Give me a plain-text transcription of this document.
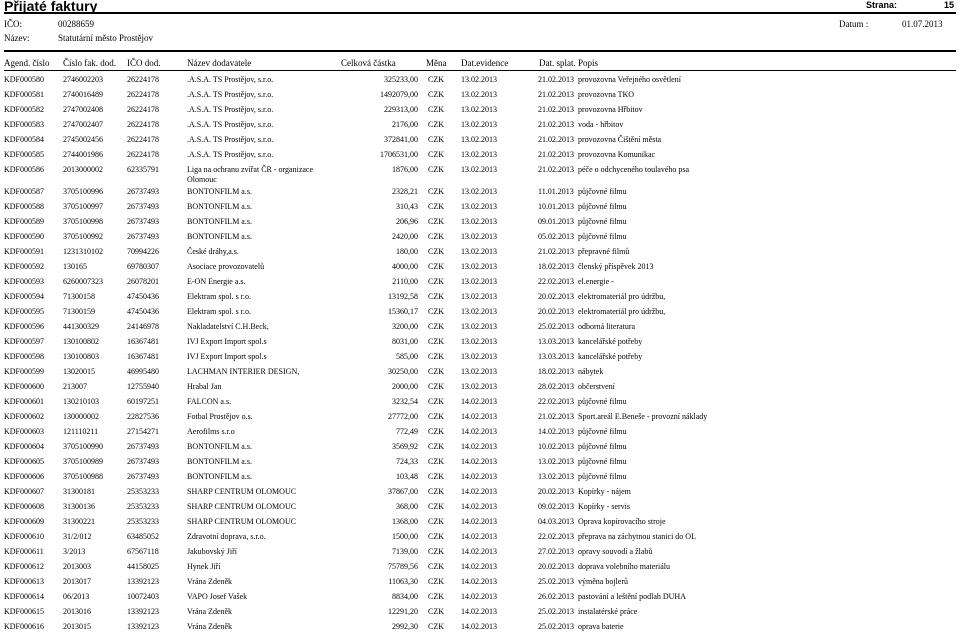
Přijaté faktury
IČO:	00288659
Název:	Statutární město Prostějov
Strana:	15
Datum :	01.07.2013
Agend. číslo Číslo fak. dod. IČO dod.	Název dodavatele	Celková částka	Měna Dat.evidence	Dat. splat. Popis
KDF000580 2746002203	26224178	.A.S.A. TS Prostějov, s.r.o.	325233,00 CZK 13.02.2013	21.02.2013 provozovna Veřejného osvětlení
KDF000581 2740016489	26224178	.A.S.A. TS Prostějov, s.r.o.	1492079,00 CZK 13.02.2013	21.02.2013 provozovna TKO
KDF000582 2747002408	26224178	.A.S.A. TS Prostějov, s.r.o.	229313,00 CZK 13.02.2013	21.02.2013 provozovna Hřbitov
KDF000583 2747002407	26224178	.A.S.A. TS Prostějov, s.r.o.	2176,00 CZK 13.02.2013	21.02.2013 voda - hřbitov
KDF000584 2745002456	26224178	.A.S.A. TS Prostějov, s.r.o.	372841,00 CZK 13.02.2013	21.02.2013 provozovna Čištění města
KDF000585 2744001986	26224178	.A.S.A. TS Prostějov, s.r.o.	1706531,00 CZK 13.02.2013	21.02.2013 provozovna Komunikac
KDF000586 2013000002	62335791	Liga na ochranu zvířat ČR - organizace	1876,00 CZK 13.02.2013	21.02.2013 péče o odchyceného toulavého psa
Olomouc
KDF000587 3705100996	26737493	BONTONFILM a.s.	2328,21 CZK 13.02.2013	11.01.2013 půjčovné filmu
KDF000588 3705100997	26737493	BONTONFILM a.s.	310,43 CZK 13.02.2013	10.01.2013 půjčovné filmu
KDF000589 3705100998	26737493	BONTONFILM a.s.	206,96 CZK 13.02.2013	09.01.2013 půjčovné filmu
KDF000590 3705100992	26737493	BONTONFILM a.s.	2420,00 CZK 13.02.2013	05.02.2013 půjčovné filmu
KDF000591 1231310102	70994226	České dráhy,a.s.	180,00 CZK 13.02.2013	21.02.2013 přepravné filmů
KDF000592 130165	69780307	Asociace provozovatelů	4000,00 CZK 13.02.2013	18.02.2013 členský příspěvek 2013
KDF000593 6260007323	26078201	E-ON Energie a.s.	2110,00 CZK 13.02.2013	22.02.2013 el.energie -
KDF000594 71300158	47450436	Elektram spol. s r.o.	13192,58 CZK 13.02.2013	20.02.2013 elektromateriál pro údržbu,
KDF000595 71300159	47450436	Elektram spol. s r.o.	15360,17 CZK 13.02.2013	20.02.2013 elektromateriál pro údržbu,
KDF000596 441300329	24146978	Nakladatelství C.H.Beck,	3200,00 CZK 13.02.2013	25.02.2013 odborná literatura
KDF000597 130100802	16367481	IVJ Export Import spol.s	8031,00 CZK 13.02.2013	13.03.2013 kancelářské potřeby
KDF000598 130100803	16367481	IVJ Export Import spol.s	585,00 CZK 13.02.2013	13.03.2013 kancelářské potřeby
KDF000599 13020015	46995480	LACHMAN INTERIER DESIGN,	30250,00 CZK 13.02.2013	18.02.2013 nábytek
KDF000600 213007	12755940	Hrabal Jan	2000,00 CZK 13.02.2013	28.02.2013 občerstvení
KDF000601 130210103	60197251	FALCON a.s.	3232,54 CZK 14.02.2013	22.02.2013 půjčovné filmu
KDF000602 130000002	22827536	Fotbal Prostějov o.s.	27772,00 CZK 14.02.2013	21.02.2013 Sport.areál E.Beneše - provozní náklady
KDF000603 121110211	27154271	Aerofilms s.r.o	772,49 CZK 14.02.2013	14.02.2013 půjčovné filmu
KDF000604 3705100990	26737493	BONTONFILM a.s.	3569,92 CZK 14.02.2013	10.02.2013 půjčovné filmu
KDF000605 3705100989	26737493	BONTONFILM a.s.	724,33 CZK 14.02.2013	13.02.2013 půjčovné filmu
KDF000606 3705100988	26737493	BONTONFILM a.s.	103,48 CZK 14.02.2013	13.02.2013 půjčovné filmu
KDF000607 31300181	25353233	SHARP CENTRUM OLOMOUC	37867,00 CZK 14.02.2013	20.02.2013 Kopírky - nájem
KDF000608 31300136	25353233	SHARP CENTRUM OLOMOUC	368,00 CZK 14.02.2013	09.02.2013 Kopírky - servis
KDF000609 31300221	25353233	SHARP CENTRUM OLOMOUC	1368,00 CZK 14.02.2013	04.03.2013 Oprava kopírovacího stroje
KDF000610 31/2/012	63485052	Zdravotní doprava, s.r.o.	1500,00 CZK 14.02.2013	22.02.2013 přeprava na záchytnou stanici do OL
KDF000611 3/2013	67567118	Jakubovský Jiří	7139,00 CZK 14.02.2013	27.02.2013 opravy souvodí a žlabů
KDF000612 2013003	44158025	Hynek Jiří	75789,56 CZK 14.02.2013	20.02.2013 doprava volebního materiálu
KDF000613 2013017	13392123	Vrána Zdeněk	11063,30 CZK 14.02.2013	25.02.2013 výměna bojlerů
KDF000614 06/2013	10072403	VAPO Josef Vašek	8834,00 CZK 14.02.2013	26.02.2013 pastování a leštění podlah DUHA
KDF000615 2013016	13392123	Vrána Zdeněk	12291,20 CZK 14.02.2013	25.02.2013 instalatérské práce
KDF000616 2013015	13392123	Vrána Zdeněk	2992,30 CZK 14.02.2013	25.02.2013 oprava baterie
